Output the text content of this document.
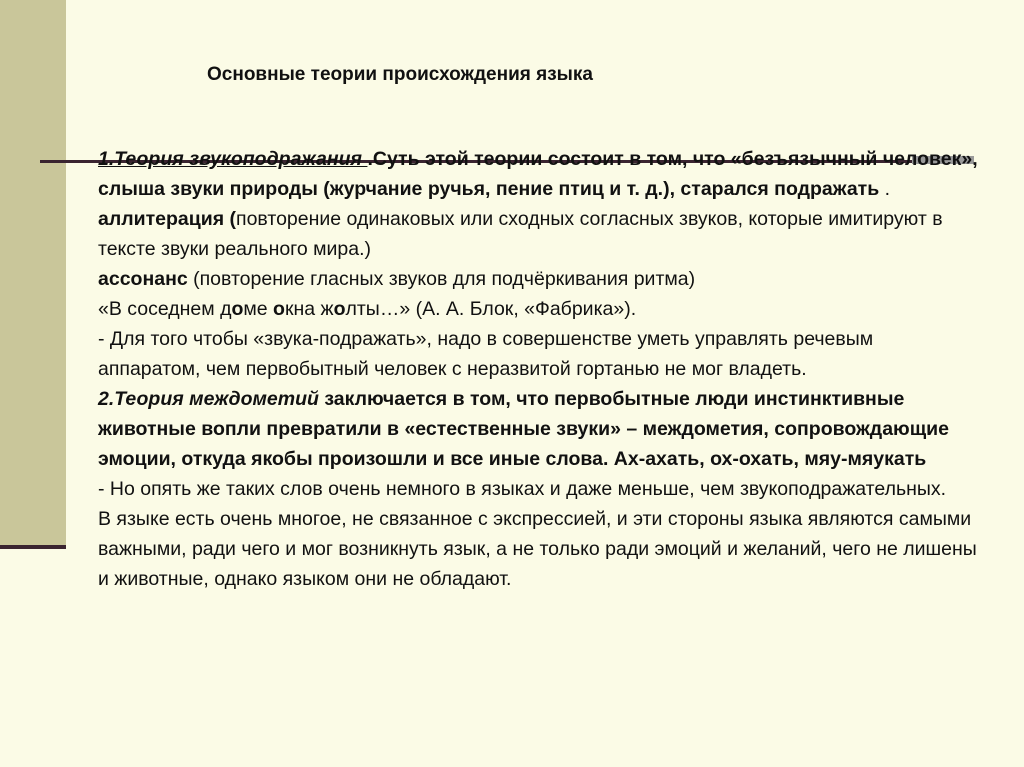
Основные теории происхождения языка

1.Теория звукоподражания .Суть этой теории состоит в том, что «безъязычный человек», слыша звуки природы (журчание ручья, пение птиц и т. д.), старался подражать .

аллитерация (повторение одинаковых или сходных согласных звуков, которые имитируют в тексте звуки реального мира.)

ассонанс (повторение гласных звуков для подчёркивания ритма)

«В соседнем доме окна жолты…» (А. А. Блок, «Фабрика»).

- Для того чтобы «звука-подражать», надо в совершенстве уметь управлять речевым аппаратом, чем первобытный человек с неразвитой гортанью не мог владеть.

2.Теория междометий заключается в том, что первобытные люди инстинктивные животные вопли превратили в «естественные звуки» – междометия, сопровождающие эмоции, откуда якобы произошли и все иные слова. Ах-ахать, ох-охать, мяу-мяукать

- Но опять же таких слов очень немного в языках и даже меньше, чем звукоподражательных.

В языке есть очень многое, не связанное с экспрессией, и эти стороны языка являются самыми важными, ради чего и мог возникнуть язык, а не только ради эмоций и желаний, чего не лишены и животные, однако языком они не обладают.
